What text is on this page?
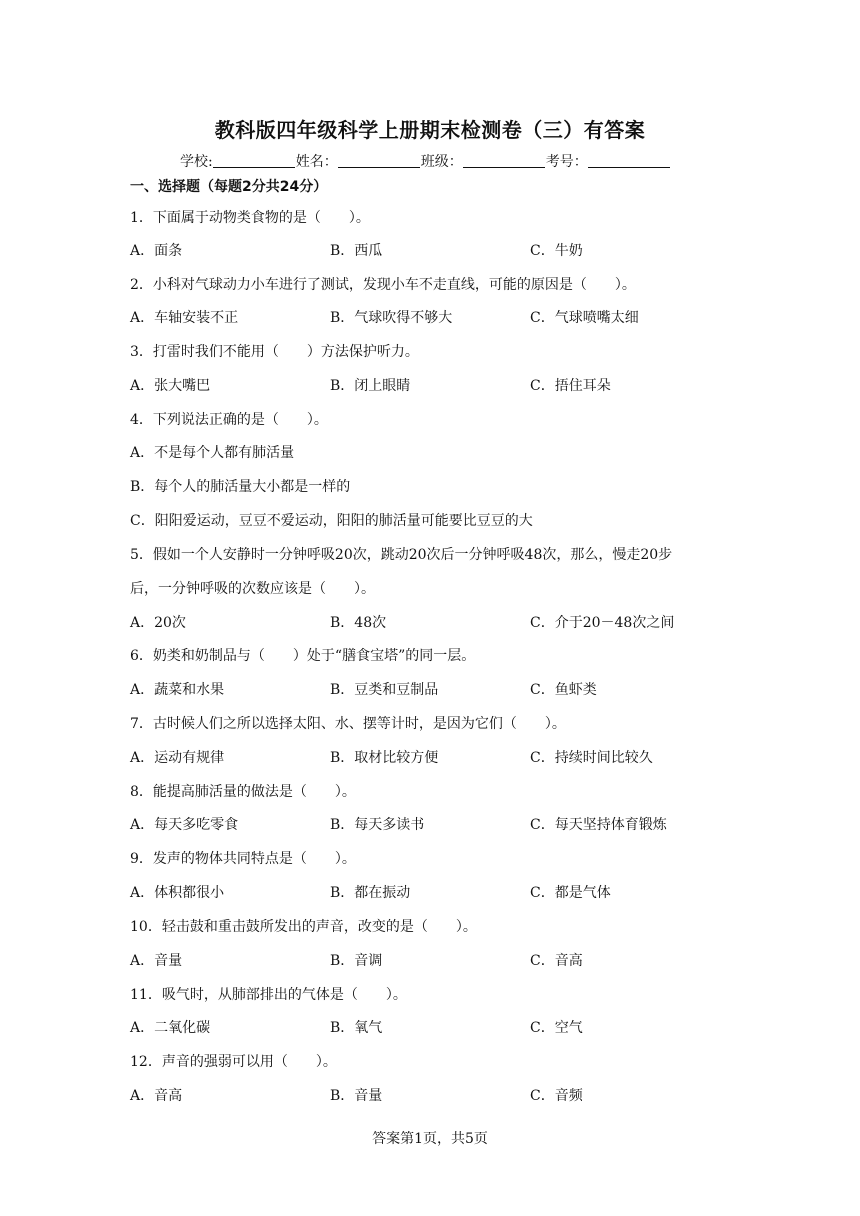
教科版四年级科学上册期末检测卷（三）有答案
学校:	姓名：	班级：	考号：
一、选择题（每题2分共24分）

1．下面属于动物类食物的是（　　）。

A．面条	B．西瓜	C．牛奶

2．小科对气球动力小车进行了测试，发现小车不走直线，可能的原因是（　　）。

A．车轴安装不正	B．气球吹得不够大	C．气球喷嘴太细

3．打雷时我们不能用（　　）方法保护听力。

A．张大嘴巴	B．闭上眼睛	C．捂住耳朵

4．下列说法正确的是（　　）。

A．不是每个人都有肺活量

B．每个人的肺活量大小都是一样的

C．阳阳爱运动，豆豆不爱运动，阳阳的肺活量可能要比豆豆的大

5．假如一个人安静时一分钟呼吸20次，跳动20次后一分钟呼吸48次，那么，慢走20步

后，一分钟呼吸的次数应该是（　　）。

A．20次	B．48次	C．介于20－48次之间

6．奶类和奶制品与（　　）处于“膳食宝塔”的同一层。

A．蔬菜和水果	B．豆类和豆制品	C．鱼虾类

7．古时候人们之所以选择太阳、水、摆等计时，是因为它们（　　）。

A．运动有规律	B．取材比较方便	C．持续时间比较久

8．能提高肺活量的做法是（　　）。

A．每天多吃零食	B．每天多读书	C．每天坚持体育锻炼

9．发声的物体共同特点是（　　）。

A．体积都很小	B．都在振动	C．都是气体

10．轻击鼓和重击鼓所发出的声音，改变的是（　　）。

A．音量	B．音调	C．音高

11．吸气时，从肺部排出的气体是（　　）。

A．二氧化碳	B．氧气	C．空气

12．声音的强弱可以用（　　）。

A．音高	B．音量	C．音频

答案第1页，共5页
